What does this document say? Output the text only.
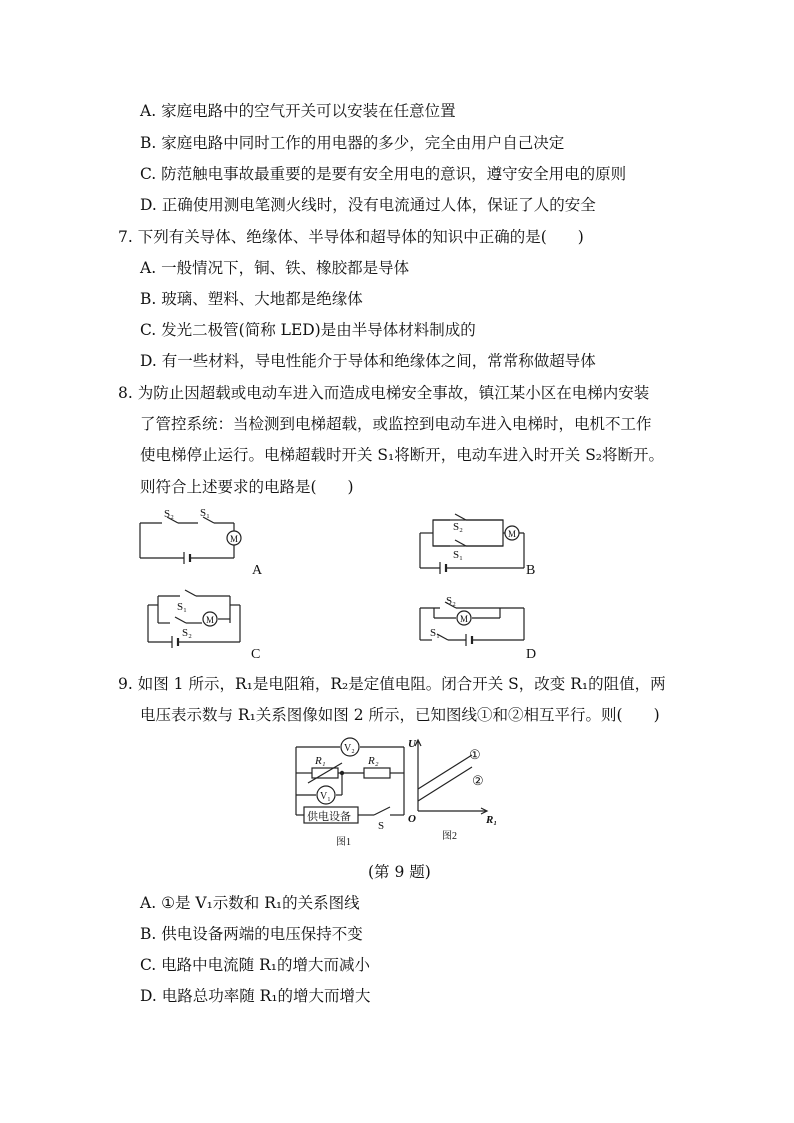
A. 家庭电路中的空气开关可以安装在任意位置
B. 家庭电路中同时工作的用电器的多少，完全由用户自己决定
C. 防范触电事故最重要的是要有安全用电的意识，遵守安全用电的原则
D. 正确使用测电笔测火线时，没有电流通过人体，保证了人的安全
7. 下列有关导体、绝缘体、半导体和超导体的知识中正确的是(　　)
A. 一般情况下，铜、铁、橡胶都是导体
B. 玻璃、塑料、大地都是绝缘体
C. 发光二极管(简称 LED)是由半导体材料制成的
D. 有一些材料，导电性能介于导体和绝缘体之间，常常称做超导体
8. 为防止因超载或电动车进入而造成电梯安全事故，镇江某小区在电梯内安装
了管控系统：当检测到电梯超载，或监控到电动车进入电梯时，电机不工作
使电梯停止运行。电梯超载时开关 S₁将断开，电动车进入时开关 S₂将断开。
则符合上述要求的电路是(　　)
S₂ S₁
M
A
S₂
S₁
M
B
S₁
S₂
M
C
S₂
S₁
M
D
9. 如图 1 所示，R₁是电阻箱，R₂是定值电阻。闭合开关 S，改变 R₁的阻值，两
电压表示数与 R₁关系图像如图 2 所示，已知图线①和②相互平行。则(　　)
V₂
V₁
R₁	R₂
供电设备
S
图1
U
O	R₁
①
②
图2
(第 9 题)
A. ①是 V₁示数和 R₁的关系图线
B. 供电设备两端的电压保持不变
C. 电路中电流随 R₁的增大而减小
D. 电路总功率随 R₁的增大而增大
